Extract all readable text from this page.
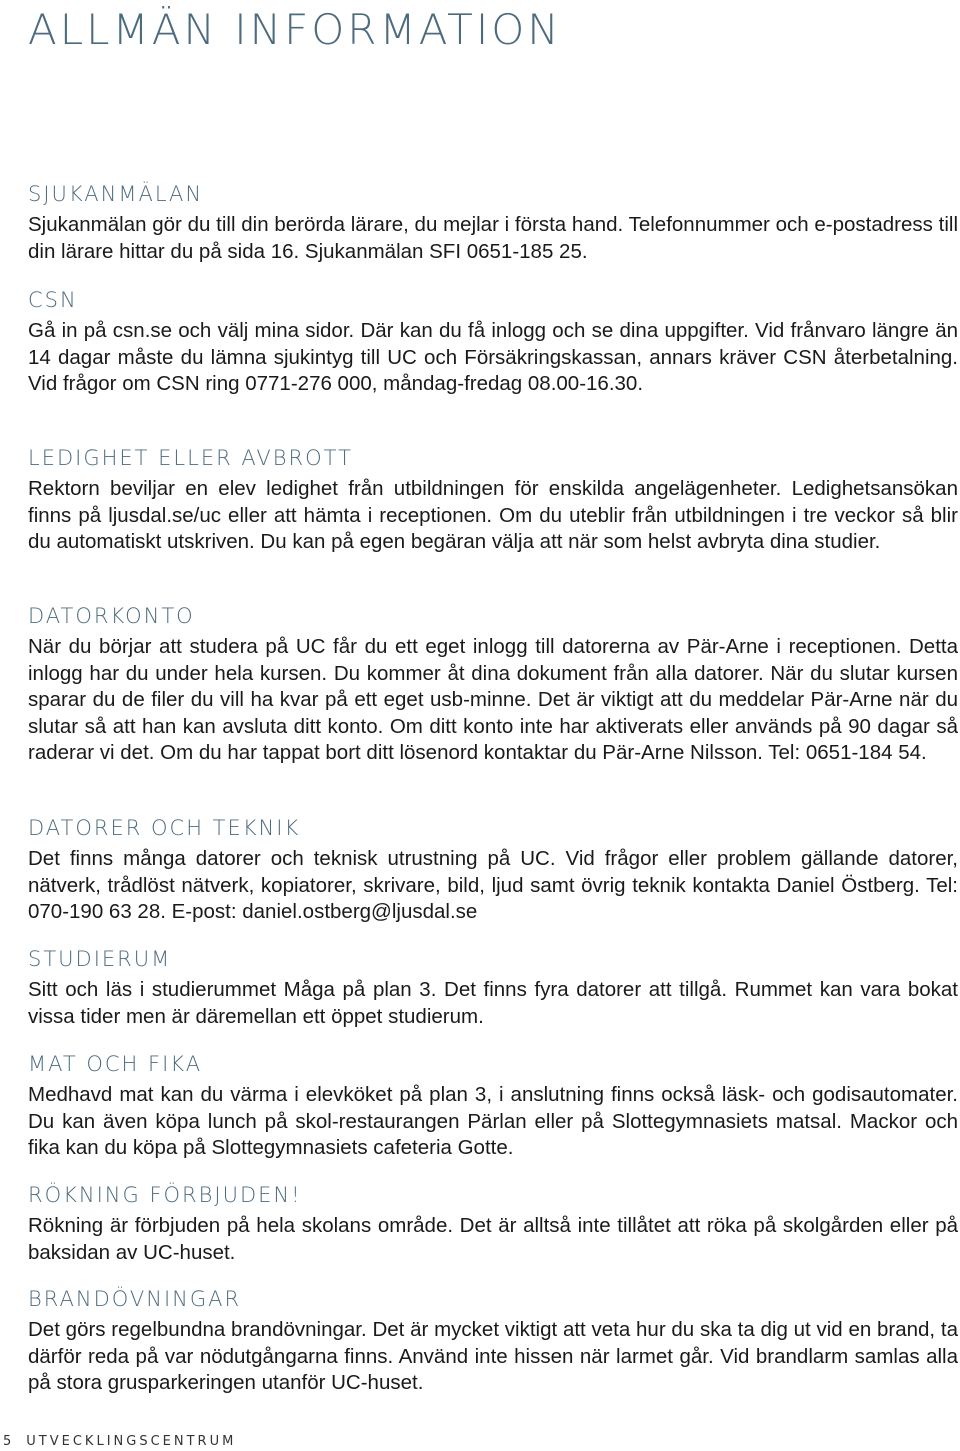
ALLMÄN INFORMATION
SJUKANMÄLAN

Sjukanmälan gör du till din berörda lärare, du mejlar i första hand. Telefonnummer och e-postadress till din lärare hittar du på sida 16. Sjukanmälan SFI 0651-185 25.

CSN

Gå in på csn.se och välj mina sidor. Där kan du få inlogg och se dina uppgifter. Vid frånvaro längre än 14 dagar måste du lämna sjukintyg till UC och Försäkringskassan, annars kräver CSN återbetalning. Vid frågor om CSN ring 0771-276 000, måndag-fredag 08.00-16.30.

LEDIGHET ELLER AVBROTT

Rektorn beviljar en elev ledighet från utbildningen för enskilda angelägenheter. Ledighetsansökan finns på ljusdal.se/uc eller att hämta i receptionen. Om du uteblir från utbildningen i tre veckor så blir du automatiskt utskriven. Du kan på egen begäran välja att när som helst avbryta dina studier.

DATORKONTO

När du börjar att studera på UC får du ett eget inlogg till datorerna av Pär-Arne i receptionen. Detta inlogg har du under hela kursen. Du kommer åt dina dokument från alla datorer. När du slutar kursen sparar du de filer du vill ha kvar på ett eget usb-minne. Det är viktigt att du meddelar Pär-Arne när du slutar så att han kan avsluta ditt konto. Om ditt konto inte har aktiverats eller används på 90 dagar så raderar vi det. Om du har tappat bort ditt lösenord kontaktar du Pär-Arne Nilsson. Tel: 0651-184 54.

DATORER OCH TEKNIK

Det finns många datorer och teknisk utrustning på UC. Vid frågor eller problem gällande datorer, nätverk, trådlöst nätverk, kopiatorer, skrivare, bild, ljud samt övrig teknik kontakta Daniel Östberg. Tel: 070-190 63 28. E-post: daniel.ostberg@ljusdal.se

STUDIERUM

Sitt och läs i studierummet Måga på plan 3. Det finns fyra datorer att tillgå. Rummet kan vara bokat vissa tider men är däremellan ett öppet studierum.

MAT OCH FIKA

Medhavd mat kan du värma i elevköket på plan 3, i anslutning finns också läsk- och godisautomater. Du kan även köpa lunch på skol-restaurangen Pärlan eller på Slottegymnasiets matsal. Mackor och fika kan du köpa på Slottegymnasiets cafeteria Gotte.

RÖKNING FÖRBJUDEN!

Rökning är förbjuden på hela skolans område. Det är alltså inte tillåtet att röka på skolgården eller på baksidan av UC-huset.

BRANDÖVNINGAR

Det görs regelbundna brandövningar. Det är mycket viktigt att veta hur du ska ta dig ut vid en brand, ta därför reda på var nödutgångarna finns. Använd inte hissen när larmet går. Vid brandlarm samlas alla på stora grusparkeringen utanför UC-huset.

5 UTVECKLINGSCENTRUM
